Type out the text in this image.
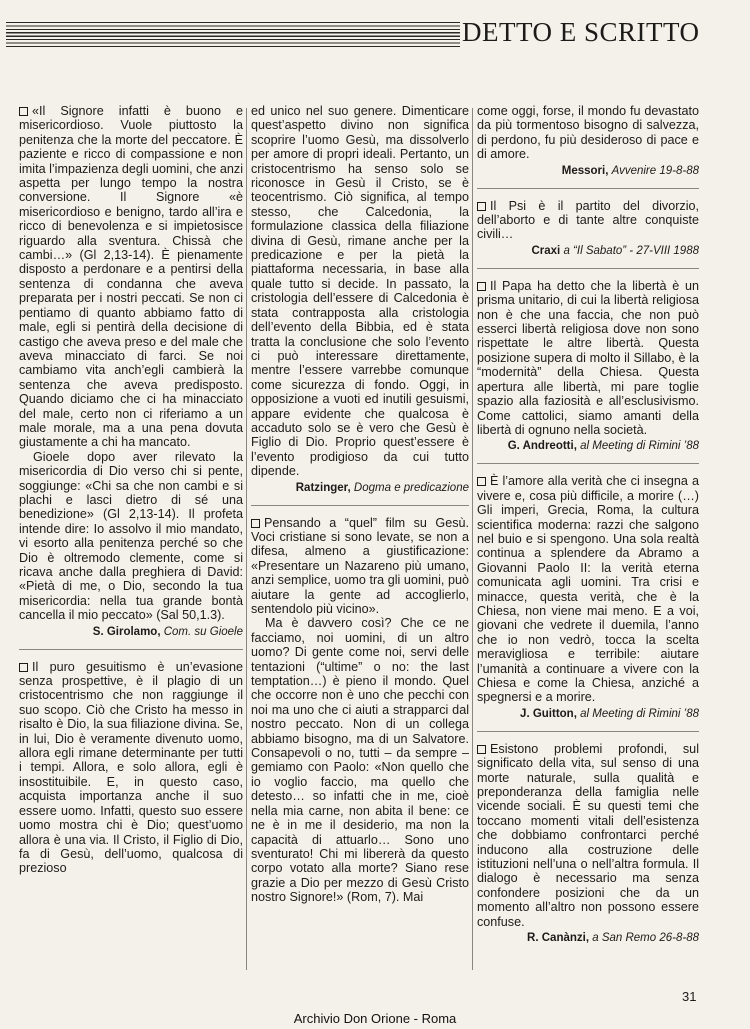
DETTO E SCRITTO

«Il Signore infatti è buono e misericordioso. Vuole piuttosto la penitenza che la morte del peccatore. È paziente e ricco di compassione e non imita l’impazienza degli uomini, che anzi aspetta per lungo tempo la nostra conversione. Il Signore «è misericordioso e benigno, tardo all’ira e ricco di benevolenza e si impietosisce riguardo alla sventura. Chissà che cambi…» (Gl 2,13-14). È pienamente disposto a perdonare e a pentirsi della sentenza di condanna che aveva preparata per i nostri peccati. Se non ci pentiamo di quanto abbiamo fatto di male, egli si pentirà della decisione di castigo che aveva preso e del male che aveva minacciato di farci. Se noi cambiamo vita anch’egli cambierà la sentenza che aveva predisposto. Quando diciamo che ci ha minacciato del male, certo non ci riferiamo a un male morale, ma a una pena dovuta giustamente a chi ha mancato.

Gioele dopo aver rilevato la misericordia di Dio verso chi si pente, soggiunge: «Chi sa che non cambi e si plachi e lasci dietro di sé una benedizione» (Gl 2,13-14). Il profeta intende dire: Io assolvo il mio mandato, vi esorto alla penitenza perché so che Dio è oltremodo clemente, come si ricava anche dalla preghiera di David: «Pietà di me, o Dio, secondo la tua misericordia: nella tua grande bontà cancella il mio peccato» (Sal 50,1.3).

S. Girolamo, Com. su Gioele

Il puro gesuitismo è un’evasione senza prospettive, è il plagio di un cristocentrismo che non raggiunge il suo scopo. Ciò che Cristo ha messo in risalto è Dio, la sua filiazione divina. Se, in lui, Dio è veramente divenuto uomo, allora egli rimane determinante per tutti i tempi. Allora, e solo allora, egli è insostituibile. E, in questo caso, acquista importanza anche il suo essere uomo. Infatti, questo suo essere uomo mostra chi è Dio; quest’uomo allora è una via. Il Cristo, il Figlio di Dio, fa di Gesù, dell’uomo, qualcosa di prezioso

ed unico nel suo genere. Dimenticare quest’aspetto divino non significa scoprire l’uomo Gesù, ma dissolverlo per amore di propri ideali. Pertanto, un cristocentrismo ha senso solo se riconosce in Gesù il Cristo, se è teocentrismo. Ciò significa, al tempo stesso, che Calcedonia, la formulazione classica della filiazione divina di Gesù, rimane anche per la predicazione e per la pietà la piattaforma necessaria, in base alla quale tutto si decide. In passato, la cristologia dell’essere di Calcedonia è stata contrapposta alla cristologia dell’evento della Bibbia, ed è stata tratta la conclusione che solo l’evento ci può interessare direttamente, mentre l’essere varrebbe comunque come sicurezza di fondo. Oggi, in opposizione a vuoti ed inutili gesuismi, appare evidente che qualcosa è accaduto solo se è vero che Gesù è Figlio di Dio. Proprio quest’essere è l’evento prodigioso da cui tutto dipende.

Ratzinger, Dogma e predicazione

Pensando a “quel” film su Gesù. Voci cristiane si sono levate, se non a difesa, almeno a giustificazione: «Presentare un Nazareno più umano, anzi semplice, uomo tra gli uomini, può aiutare la gente ad accoglierlo, sentendolo più vicino».

Ma è davvero così? Che ce ne facciamo, noi uomini, di un altro uomo? Di gente come noi, servi delle tentazioni (“ultime” o no: the last temptation…) è pieno il mondo. Quel che occorre non è uno che pecchi con noi ma uno che ci aiuti a strapparci dal nostro peccato. Non di un collega abbiamo bisogno, ma di un Salvatore. Consapevoli o no, tutti – da sempre – gemiamo con Paolo: «Non quello che io voglio faccio, ma quello che detesto… so infatti che in me, cioè nella mia carne, non abita il bene: ce ne è in me il desiderio, ma non la capacità di attuarlo… Sono uno sventurato! Chi mi libererà da questo corpo votato alla morte? Siano rese grazie a Dio per mezzo di Gesù Cristo nostro Signore!» (Rom, 7). Mai

come oggi, forse, il mondo fu devastato da più tormentoso bisogno di salvezza, di perdono, fu più desideroso di pace e di amore.

Messori, Avvenire 19-8-88

Il Psi è il partito del divorzio, dell’aborto e di tante altre conquiste civili…

Craxi a “Il Sabato” - 27-VIII 1988

Il Papa ha detto che la libertà è un prisma unitario, di cui la libertà religiosa non è che una faccia, che non può esserci libertà religiosa dove non sono rispettate le altre libertà. Questa posizione supera di molto il Sillabo, è la “modernità” della Chiesa. Questa apertura alle libertà, mi pare toglie spazio alla faziosità e all’esclusivismo. Come cattolici, siamo amanti della libertà di ognuno nella società.

G. Andreotti, al Meeting di Rimini ’88

È l’amore alla verità che ci insegna a vivere e, cosa più difficile, a morire (…) Gli imperi, Grecia, Roma, la cultura scientifica moderna: razzi che salgono nel buio e si spengono. Una sola realtà continua a splendere da Abramo a Giovanni Paolo II: la verità eterna comunicata agli uomini. Tra crisi e minacce, questa verità, che è la Chiesa, non viene mai meno. E a voi, giovani che vedrete il duemila, l’anno che io non vedrò, tocca la scelta meravigliosa e terribile: aiutare l’umanità a continuare a vivere con la Chiesa e come la Chiesa, anziché a spegnersi e a morire.

J. Guitton, al Meeting di Rimini ’88

Esistono problemi profondi, sul significato della vita, sul senso di una morte naturale, sulla qualità e preponderanza della famiglia nelle vicende sociali. È su questi temi che toccano momenti vitali dell’esistenza che dobbiamo confrontarci perché inducono alla costruzione delle istituzioni nell’una o nell’altra formula. Il dialogo è necessario ma senza confondere posizioni che da un momento all’altro non possono essere confuse.

R. Canànzi, a San Remo 26-8-88
31
Archivio Don Orione - Roma
